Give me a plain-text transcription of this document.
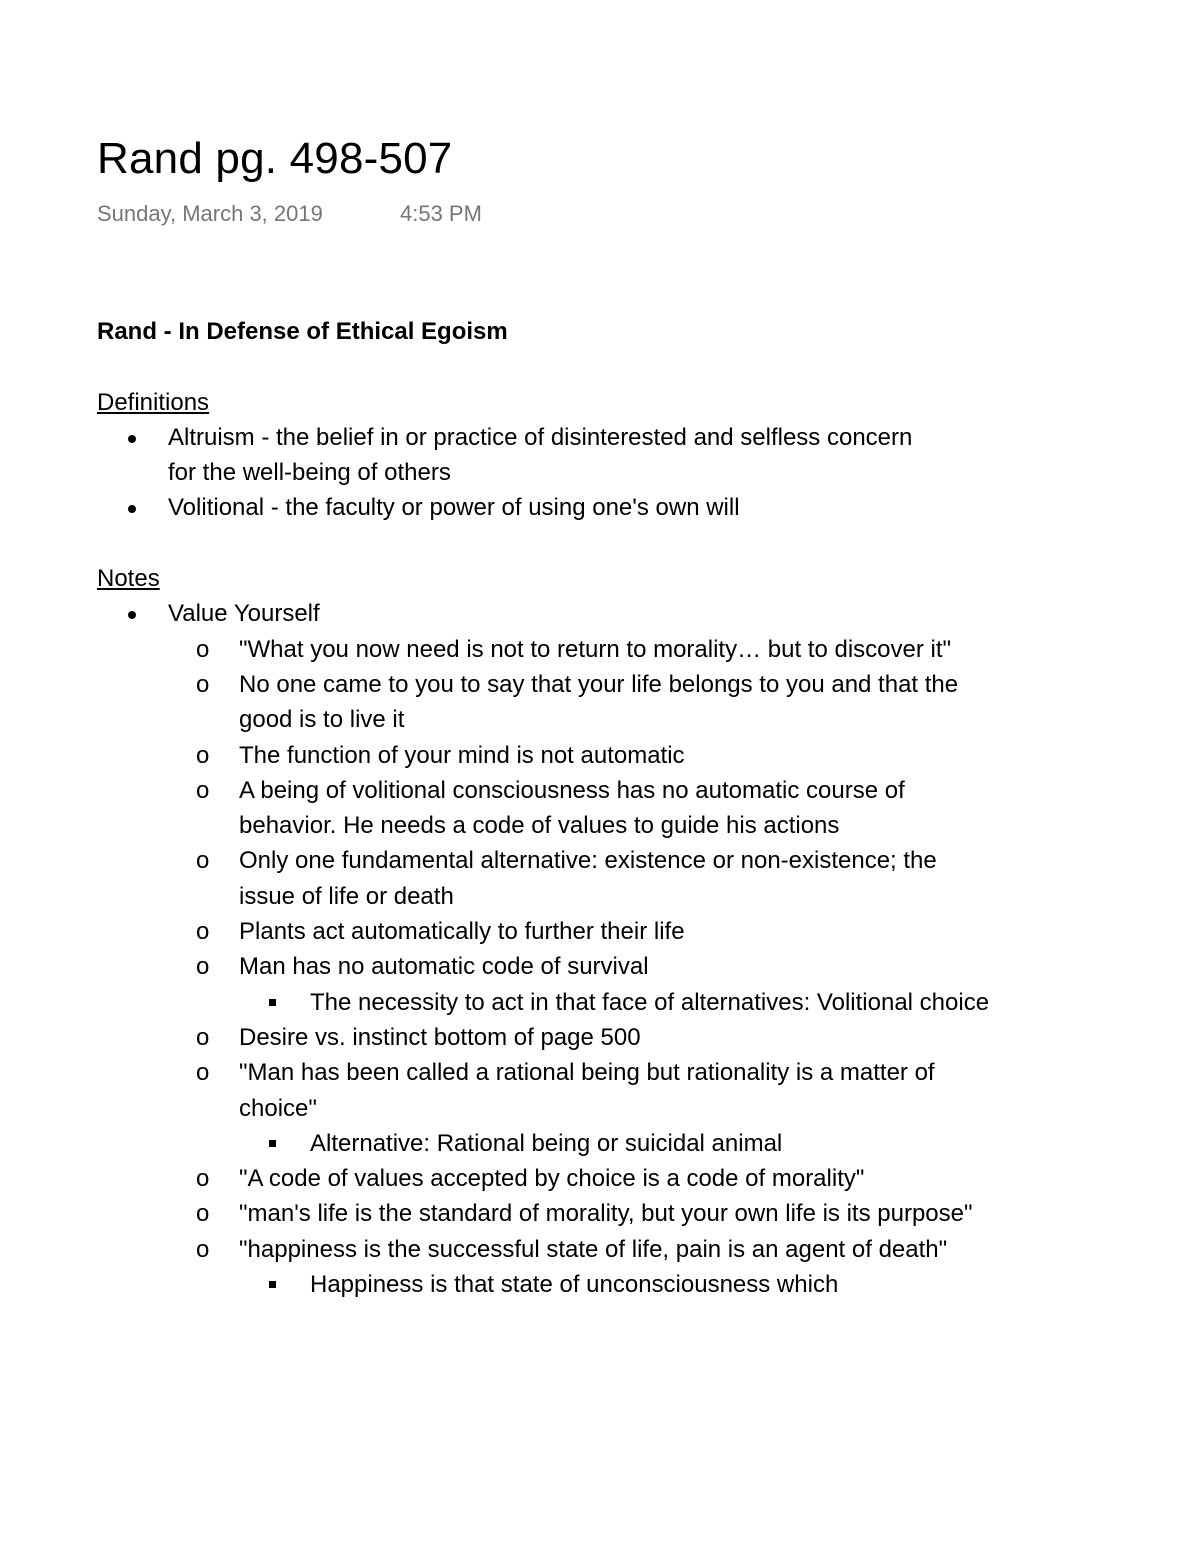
Rand pg. 498-507
Sunday, March 3, 2019	4:53 PM

Rand - In Defense of Ethical Egoism

Definitions

Altruism - the belief in or practice of disinterested and selfless concern for the well-being of others
Volitional - the faculty or power of using one's own will

Notes

Value Yourself
o "What you now need is not to return to morality… but to discover it"
o No one came to you to say that your life belongs to you and that the good is to live it
o The function of your mind is not automatic
o A being of volitional consciousness has no automatic course of behavior. He needs a code of values to guide his actions
o Only one fundamental alternative: existence or non-existence; the issue of life or death
o Plants act automatically to further their life
o Man has no automatic code of survival
The necessity to act in that face of alternatives: Volitional choice
o Desire vs. instinct bottom of page 500
o "Man has been called a rational being but rationality is a matter of choice"
Alternative: Rational being or suicidal animal
o "A code of values accepted by choice is a code of morality"
o "man's life is the standard of morality, but your own life is its purpose"
o "happiness is the successful state of life, pain is an agent of death"
Happiness is that state of unconsciousness which
